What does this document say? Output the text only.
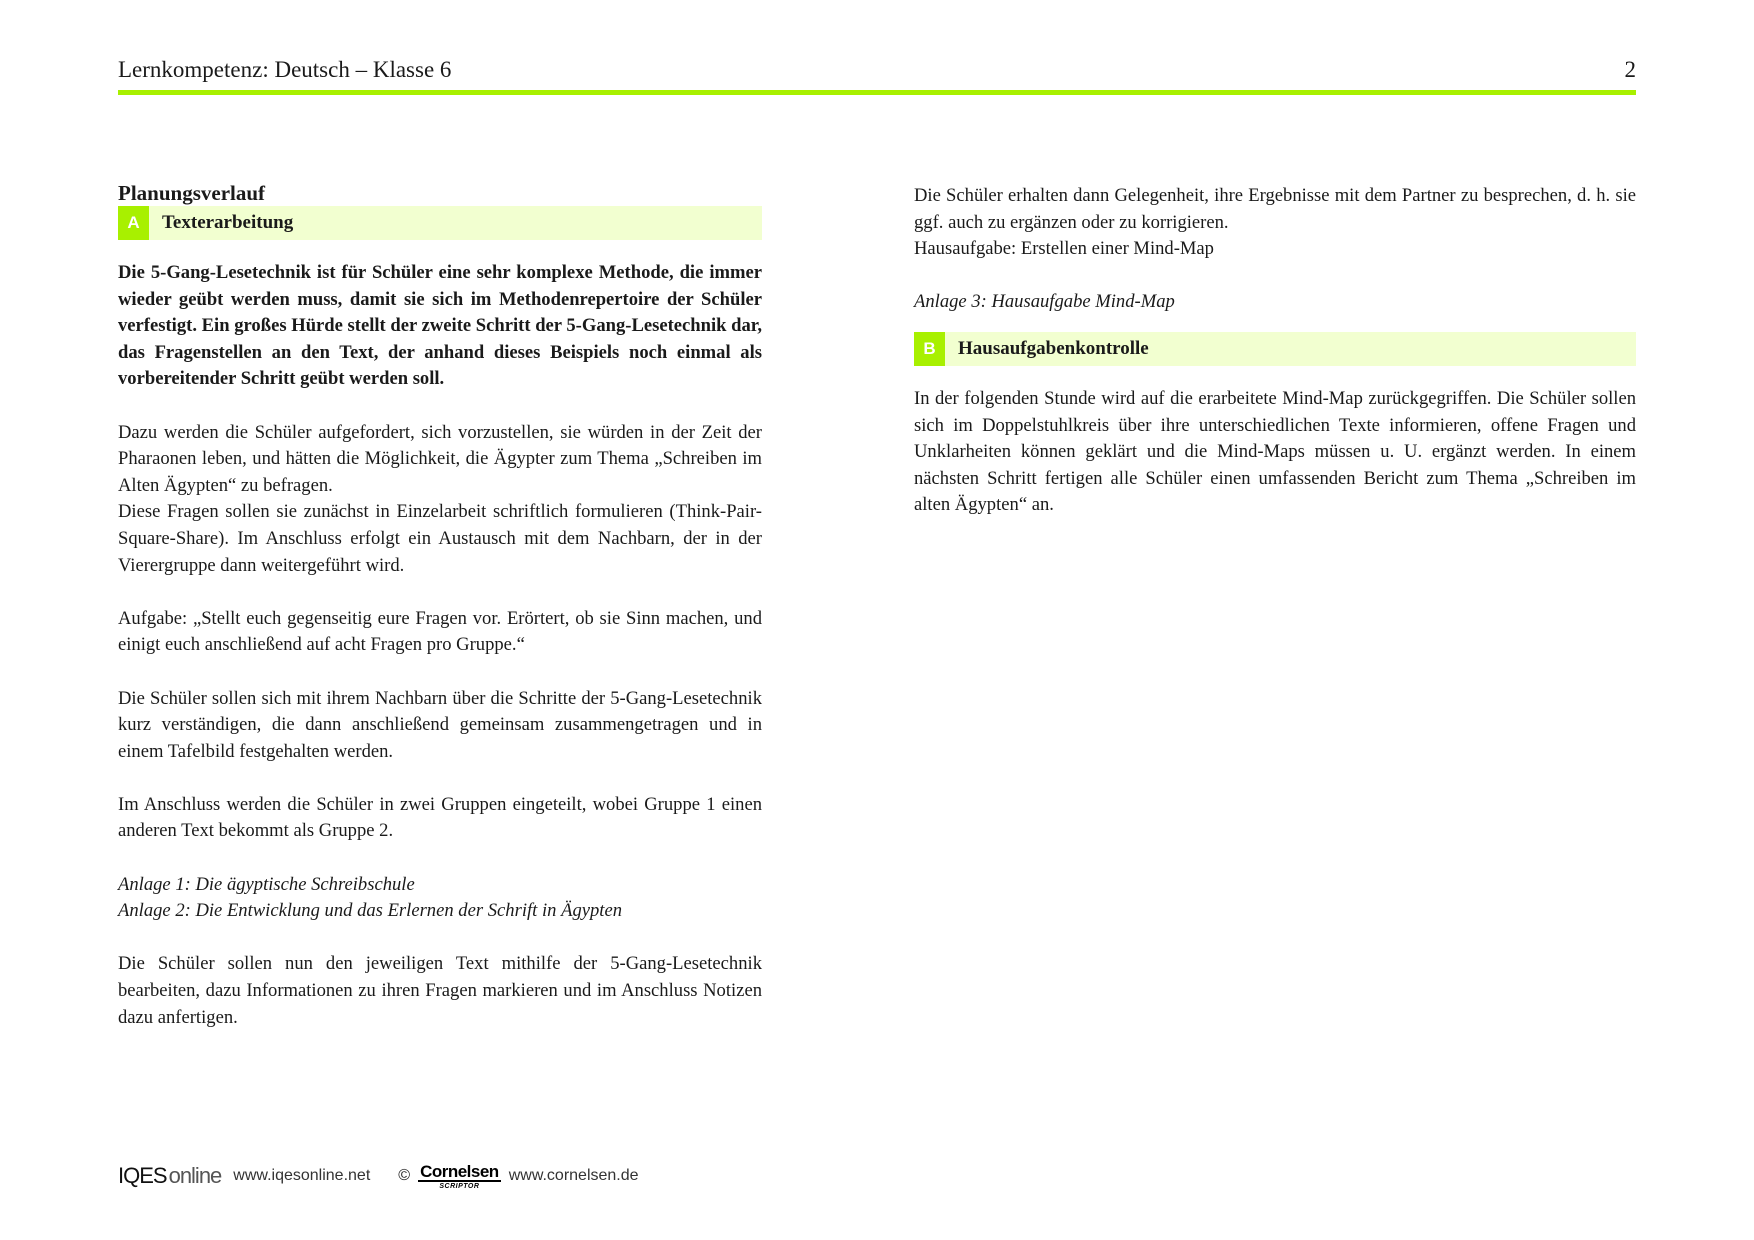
Lernkompetenz: Deutsch – Klasse 6	2

Planungsverlauf

A	Texterarbeitung

Die 5-Gang-Lesetechnik ist für Schüler eine sehr komplexe Methode, die immer wieder geübt werden muss, damit sie sich im Methodenrepertoire der Schüler verfestigt. Ein großes Hürde stellt der zweite Schritt der 5-Gang-Lesetechnik dar, das Fragenstellen an den Text, der anhand dieses Beispiels noch einmal als vorbereitender Schritt geübt werden soll.

Dazu werden die Schüler aufgefordert, sich vorzustellen, sie würden in der Zeit der Pharaonen leben, und hätten die Möglichkeit, die Ägypter zum Thema „Schreiben im Alten Ägypten“ zu befragen.

Diese Fragen sollen sie zunächst in Einzelarbeit schriftlich formulieren (Think-Pair-Square-Share). Im Anschluss erfolgt ein Austausch mit dem Nachbarn, der in der Vierergruppe dann weitergeführt wird.

Aufgabe: „Stellt euch gegenseitig eure Fragen vor. Erörtert, ob sie Sinn machen, und einigt euch anschließend auf acht Fragen pro Gruppe.“

Die Schüler sollen sich mit ihrem Nachbarn über die Schritte der 5-Gang-Lesetechnik kurz verständigen, die dann anschließend gemeinsam zusammengetragen und in einem Tafelbild festgehalten werden.

Im Anschluss werden die Schüler in zwei Gruppen eingeteilt, wobei Gruppe 1 einen anderen Text bekommt als Gruppe 2.

Anlage 1: Die ägyptische Schreibschule

Anlage 2: Die Entwicklung und das Erlernen der Schrift in Ägypten

Die Schüler sollen nun den jeweiligen Text mithilfe der 5-Gang-Lesetechnik bearbeiten, dazu Informationen zu ihren Fragen markieren und im Anschluss Notizen dazu anfertigen.

Die Schüler erhalten dann Gelegenheit, ihre Ergebnisse mit dem Partner zu besprechen, d. h. sie ggf. auch zu ergänzen oder zu korrigieren.

Hausaufgabe: Erstellen einer Mind-Map

Anlage 3: Hausaufgabe Mind-Map

B	Hausaufgabenkontrolle

In der folgenden Stunde wird auf die erarbeitete Mind-Map zurückgegriffen. Die Schüler sollen sich im Doppelstuhlkreis über ihre unterschiedlichen Texte informieren, offene Fragen und Unklarheiten können geklärt und die Mind-Maps müssen u. U. ergänzt werden. In einem nächsten Schritt fertigen alle Schüler einen umfassenden Bericht zum Thema „Schreiben im alten Ägypten“ an.

IQESonline www.iqesonline.net © Cornelsen
SCRIPTOR
www.cornelsen.de
